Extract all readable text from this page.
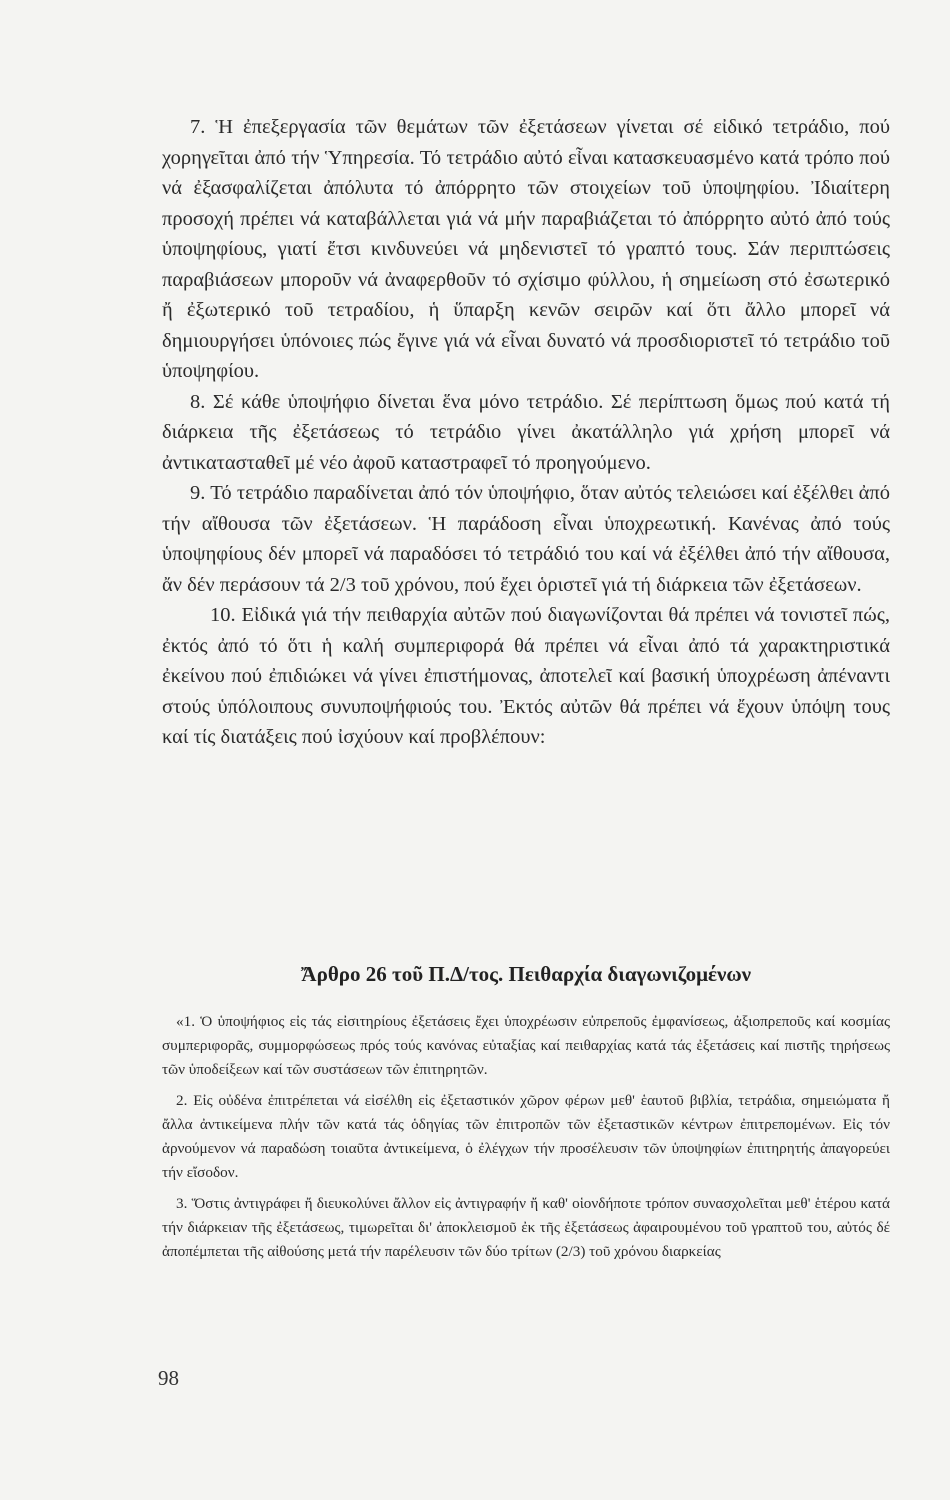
7. Ἡ ἐπεξεργασία τῶν θεμάτων τῶν ἐξετάσεων γίνεται σέ εἰδικό τετράδιο, πού χορηγεῖται ἀπό τήν Ὑπηρεσία. Τό τετράδιο αὐτό εἶναι κατασκευασμένο κατά τρόπο πού νά ἐξασφαλίζεται ἀπόλυτα τό ἀπόρρητο τῶν στοιχείων τοῦ ὑποψηφίου. Ἰδιαίτερη προσοχή πρέπει νά καταβάλλεται γιά νά μήν παραβιάζεται τό ἀπόρρητο αὐτό ἀπό τούς ὑποψηφίους, γιατί ἔτσι κινδυνεύει νά μηδενιστεῖ τό γραπτό τους. Σάν περιπτώσεις παραβιάσεων μποροῦν νά ἀναφερθοῦν τό σχίσιμο φύλλου, ἡ σημείωση στό ἐσωτερικό ἤ ἐξωτερικό τοῦ τετραδίου, ἡ ὕπαρξη κενῶν σειρῶν καί ὅτι ἄλλο μπορεῖ νά δημιουργήσει ὑπόνοιες πώς ἔγινε γιά νά εἶναι δυνατό νά προσδιοριστεῖ τό τετράδιο τοῦ ὑποψηφίου.

8. Σέ κάθε ὑποψήφιο δίνεται ἕνα μόνο τετράδιο. Σέ περίπτωση ὅμως πού κατά τή διάρκεια τῆς ἐξετάσεως τό τετράδιο γίνει ἀκατάλληλο γιά χρήση μπορεῖ νά ἀντικατασταθεῖ μέ νέο ἀφοῦ καταστραφεῖ τό προηγούμενο.

9. Τό τετράδιο παραδίνεται ἀπό τόν ὑποψήφιο, ὅταν αὐτός τελειώσει καί ἐξέλθει ἀπό τήν αἴθουσα τῶν ἐξετάσεων. Ἡ παράδοση εἶναι ὑποχρεωτική. Κανένας ἀπό τούς ὑποψηφίους δέν μπορεῖ νά παραδόσει τό τετράδιό του καί νά ἐξέλθει ἀπό τήν αἴθουσα, ἄν δέν περάσουν τά 2/3 τοῦ χρόνου, πού ἔχει ὁριστεῖ γιά τή διάρκεια τῶν ἐξετάσεων.

10. Εἰδικά γιά τήν πειθαρχία αὐτῶν πού διαγωνίζονται θά πρέπει νά τονιστεῖ πώς, ἐκτός ἀπό τό ὅτι ἡ καλή συμπεριφορά θά πρέπει νά εἶναι ἀπό τά χαρακτηριστικά ἐκείνου πού ἐπιδιώκει νά γίνει ἐπιστήμονας, ἀποτελεῖ καί βασική ὑποχρέωση ἀπέναντι στούς ὑπόλοιπους συνυποψήφιούς του. Ἐκτός αὐτῶν θά πρέπει νά ἔχουν ὑπόψη τους καί τίς διατάξεις πού ἰσχύουν καί προβλέπουν:

Ἄρθρο 26 τοῦ Π.Δ/τος. Πειθαρχία διαγωνιζομένων

«1. Ὁ ὑποψήφιος εἰς τάς εἰσιτηρίους ἐξετάσεις ἔχει ὑποχρέωσιν εὐπρεποῦς ἐμφανίσεως, ἀξιοπρεποῦς καί κοσμίας συμπεριφορᾶς, συμμορφώσεως πρός τούς κανόνας εὐταξίας καί πειθαρχίας κατά τάς ἐξετάσεις καί πιστῆς τηρήσεως τῶν ὑποδείξεων καί τῶν συστάσεων τῶν ἐπιτηρητῶν.

2. Εἰς οὐδένα ἐπιτρέπεται νά εἰσέλθη εἰς ἐξεταστικόν χῶρον φέρων μεθ' ἑαυτοῦ βιβλία, τετράδια, σημειώματα ἤ ἄλλα ἀντικείμενα πλήν τῶν κατά τάς ὁδηγίας τῶν ἐπιτροπῶν τῶν ἐξεταστικῶν κέντρων ἐπιτρεπομένων. Εἰς τόν ἀρνούμενον νά παραδώση τοιαῦτα ἀντικείμενα, ὁ ἐλέγχων τήν προσέλευσιν τῶν ὑποψηφίων ἐπιτηρητής ἀπαγορεύει τήν εἴσοδον.

3. Ὅστις ἀντιγράφει ἤ διευκολύνει ἄλλον εἰς ἀντιγραφήν ἤ καθ' οἱονδήποτε τρόπον συνασχολεῖται μεθ' ἑτέρου κατά τήν διάρκειαν τῆς ἐξετάσεως, τιμωρεῖται δι' ἀποκλεισμοῦ ἐκ τῆς ἐξετάσεως ἀφαιρουμένου τοῦ γραπτοῦ του, αὐτός δέ ἀποπέμπεται τῆς αἰθούσης μετά τήν παρέλευσιν τῶν δύο τρίτων (2/3) τοῦ χρόνου διαρκείας

98
